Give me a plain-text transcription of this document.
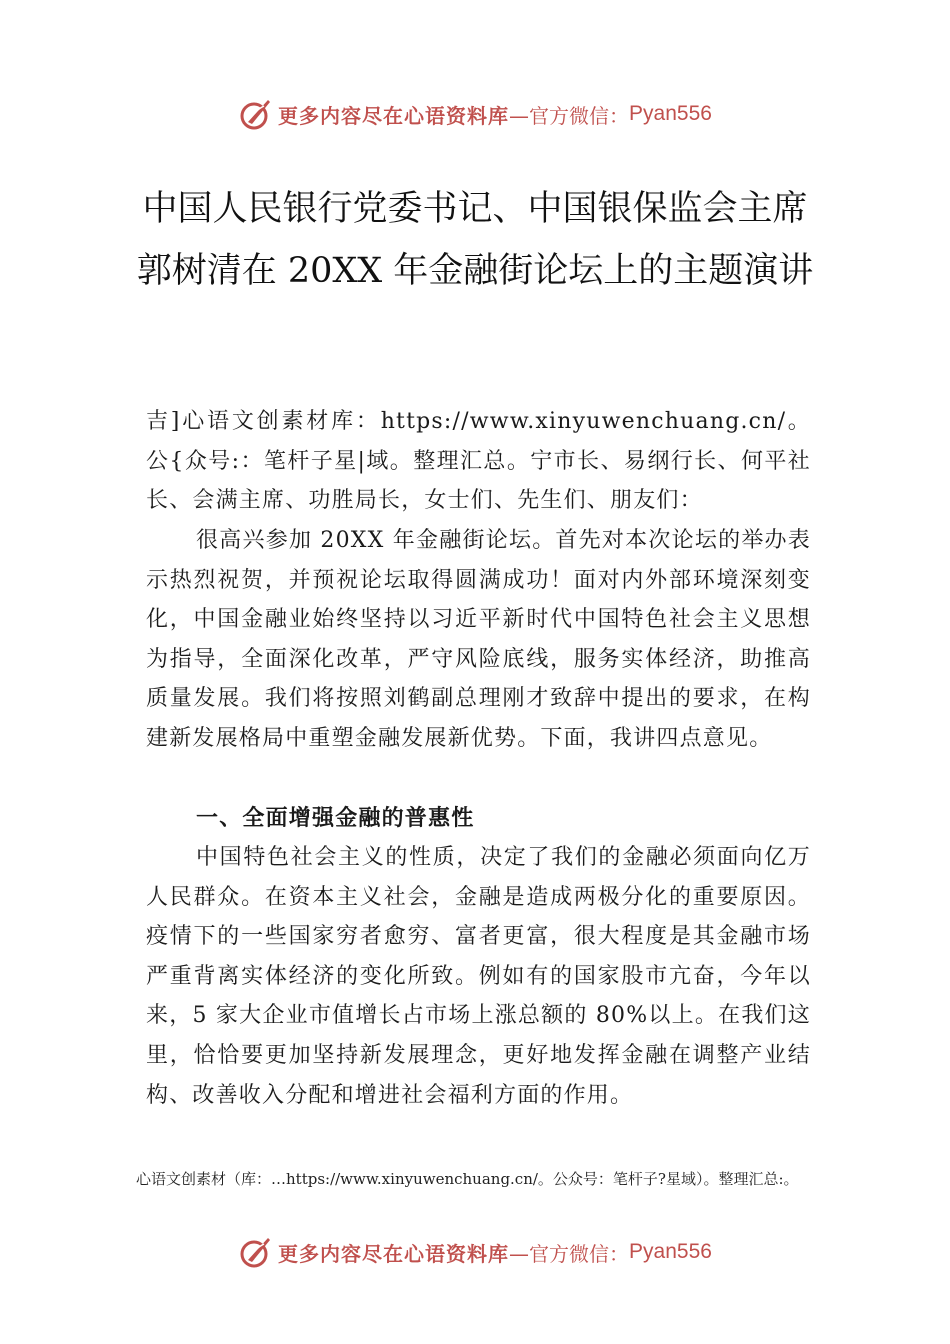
更多内容尽在心语资料库 —官方微信： Pyan556
中国人民银行党委书记、中国银保监会主席郭树清在 20XX 年金融街论坛上的主题演讲

吉]心语文创素材库：https://www.xinyuwenchuang.cn/。公{众号:：笔杆子星|域。整理汇总。宁市长、易纲行长、何平社长、会满主席、功胜局长，女士们、先生们、朋友们：

很高兴参加 20XX 年金融街论坛。首先对本次论坛的举办表示热烈祝贺，并预祝论坛取得圆满成功！面对内外部环境深刻变化，中国金融业始终坚持以习近平新时代中国特色社会主义思想为指导，全面深化改革，严守风险底线，服务实体经济，助推高质量发展。我们将按照刘鹤副总理刚才致辞中提出的要求，在构建新发展格局中重塑金融发展新优势。下面，我讲四点意见。

一、全面增强金融的普惠性

中国特色社会主义的性质，决定了我们的金融必须面向亿万人民群众。在资本主义社会，金融是造成两极分化的重要原因。疫情下的一些国家穷者愈穷、富者更富，很大程度是其金融市场严重背离实体经济的变化所致。例如有的国家股市亢奋，今年以来，5 家大企业市值增长占市场上涨总额的 80%以上。在我们这里，恰恰要更加坚持新发展理念，更好地发挥金融在调整产业结构、改善收入分配和增进社会福利方面的作用。

心语文创素材（库：…https://www.xinyuwenchuang.cn/。公众号：笔杆子?星域）。整理汇总:。
更多内容尽在心语资料库 —官方微信： Pyan556
